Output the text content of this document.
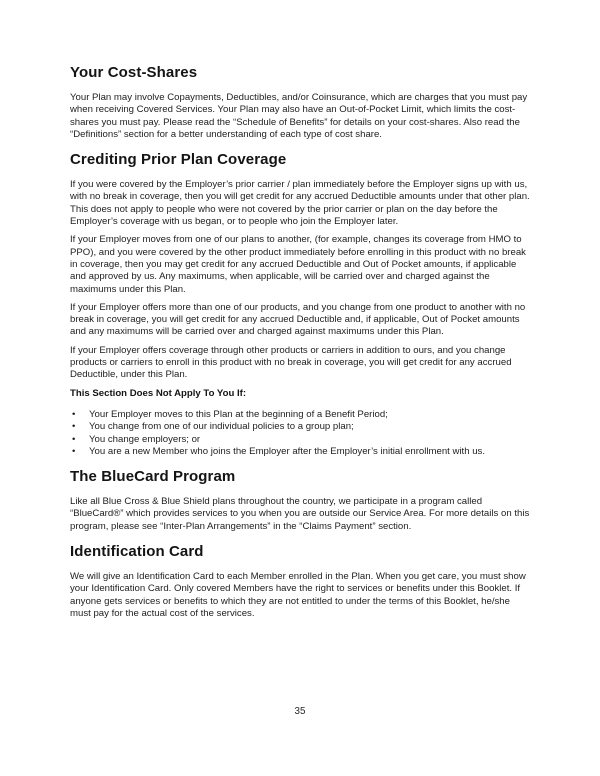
Your Cost-Shares

Your Plan may involve Copayments, Deductibles, and/or Coinsurance, which are charges that you must pay when receiving Covered Services. Your Plan may also have an Out-of-Pocket Limit, which limits the cost-shares you must pay. Please read the “Schedule of Benefits” for details on your cost-shares. Also read the “Definitions” section for a better understanding of each type of cost share.

Crediting Prior Plan Coverage

If you were covered by the Employer’s prior carrier / plan immediately before the Employer signs up with us, with no break in coverage, then you will get credit for any accrued Deductible amounts under that other plan. This does not apply to people who were not covered by the prior carrier or plan on the day before the Employer’s coverage with us began, or to people who join the Employer later.

If your Employer moves from one of our plans to another, (for example, changes its coverage from HMO to PPO), and you were covered by the other product immediately before enrolling in this product with no break in coverage, then you may get credit for any accrued Deductible and Out of Pocket amounts, if applicable and approved by us. Any maximums, when applicable, will be carried over and charged against the maximums under this Plan.

If your Employer offers more than one of our products, and you change from one product to another with no break in coverage, you will get credit for any accrued Deductible and, if applicable, Out of Pocket amounts and any maximums will be carried over and charged against maximums under this Plan.

If your Employer offers coverage through other products or carriers in addition to ours, and you change products or carriers to enroll in this product with no break in coverage, you will get credit for any accrued Deductible, under this Plan.

This Section Does Not Apply To You If:
• Your Employer moves to this Plan at the beginning of a Benefit Period;
• You change from one of our individual policies to a group plan;
• You change employers; or
• You are a new Member who joins the Employer after the Employer’s initial enrollment with us.
The BlueCard Program

Like all Blue Cross & Blue Shield plans throughout the country, we participate in a program called “BlueCard®” which provides services to you when you are outside our Service Area. For more details on this program, please see “Inter-Plan Arrangements” in the “Claims Payment” section.

Identification Card

We will give an Identification Card to each Member enrolled in the Plan. When you get care, you must show your Identification Card. Only covered Members have the right to services or benefits under this Booklet. If anyone gets services or benefits to which they are not entitled to under the terms of this Booklet, he/she must pay for the actual cost of the services.

35
